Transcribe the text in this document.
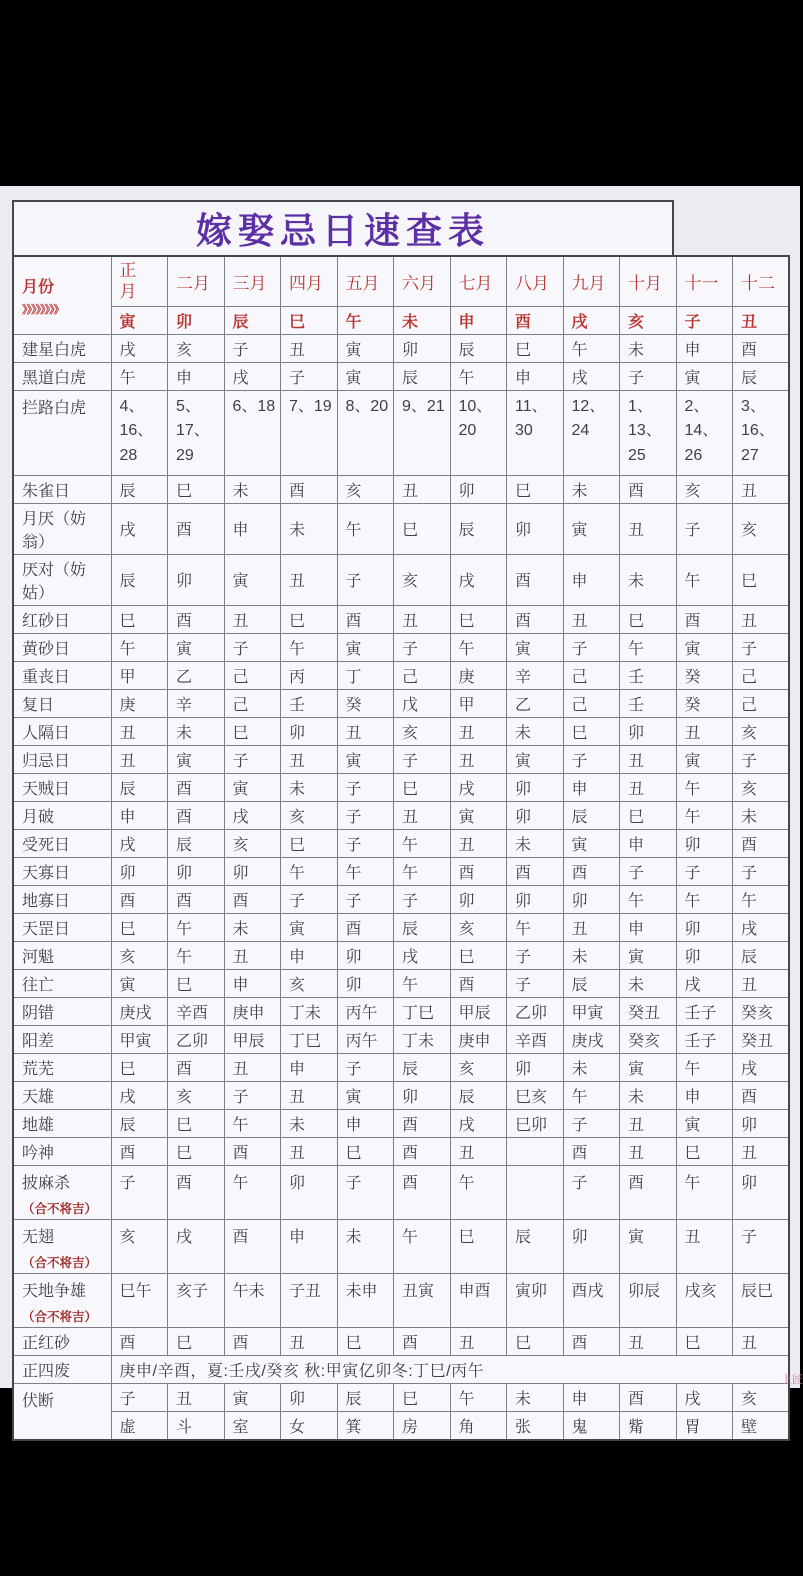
嫁娶忌日速查表
月份
》》》》》》》》	正月	二月	三月	四月	五月	六月	七月	八月	九月	十月	十一	十二
	寅	卯	辰	巳	午	未	申	酉	戌	亥	子	丑

建星白虎	戌	亥	子	丑	寅	卯	辰	巳	午	未	申	酉

黑道白虎	午	申	戌	子	寅	辰	午	申	戌	子	寅	辰

拦路白虎	4、16、28	5、17、29	6、18	7、19	8、20	9、21	10、20	11、30	12、24	1、13、25	2、14、26	3、16、27

朱雀日	辰	巳	未	酉	亥	丑	卯	巳	未	酉	亥	丑

月厌（妨翁）	戌	酉	申	未	午	巳	辰	卯	寅	丑	子	亥

厌对（妨姑）	辰	卯	寅	丑	子	亥	戌	酉	申	未	午	巳

红砂日	巳	酉	丑	巳	酉	丑	巳	酉	丑	巳	酉	丑

黄砂日	午	寅	子	午	寅	子	午	寅	子	午	寅	子

重丧日	甲	乙	己	丙	丁	己	庚	辛	己	壬	癸	己

复日	庚	辛	己	壬	癸	戊	甲	乙	己	壬	癸	己

人隔日	丑	未	巳	卯	丑	亥	丑	未	巳	卯	丑	亥

归忌日	丑	寅	子	丑	寅	子	丑	寅	子	丑	寅	子

天贼日	辰	酉	寅	未	子	巳	戌	卯	申	丑	午	亥

月破	申	酉	戌	亥	子	丑	寅	卯	辰	巳	午	未

受死日	戌	辰	亥	巳	子	午	丑	未	寅	申	卯	酉

天寡日	卯	卯	卯	午	午	午	酉	酉	酉	子	子	子

地寡日	酉	酉	酉	子	子	子	卯	卯	卯	午	午	午

天罡日	巳	午	未	寅	酉	辰	亥	午	丑	申	卯	戌

河魁	亥	午	丑	申	卯	戌	巳	子	未	寅	卯	辰

往亡	寅	巳	申	亥	卯	午	酉	子	辰	未	戌	丑

阴错	庚戌	辛酉	庚申	丁未	丙午	丁巳	甲辰	乙卯	甲寅	癸丑	壬子	癸亥

阳差	甲寅	乙卯	甲辰	丁巳	丙午	丁未	庚申	辛酉	庚戌	癸亥	壬子	癸丑

荒芜	巳	酉	丑	申	子	辰	亥	卯	未	寅	午	戌

天雄	戌	亥	子	丑	寅	卯	辰	巳亥	午	未	申	酉

地雄	辰	巳	午	未	申	酉	戌	巳卯	子	丑	寅	卯

吟神	酉	巳	酉	丑	巳	酉	丑		酉	丑	巳	丑

披麻杀
（合不将吉）	子	酉	午	卯	子	酉	午		子	酉	午	卯

无翅
（合不将吉）	亥	戌	酉	申	未	午	巳	辰	卯	寅	丑	子

天地争雄
（合不将吉）	巳午	亥子	午未	子丑	未申	丑寅	申酉	寅卯	酉戌	卯辰	戌亥	辰巳

正红砂	酉	巳	酉	丑	巳	酉	丑	巳	酉	丑	巳	丑
正四废	庚申/辛酉，夏:壬戌/癸亥 秋:甲寅亿卯冬:丁巳/丙午											
伏断	子	丑	寅	卯	辰	巳	午	未	申	酉	戌	亥
	虚	斗	室	女	箕	房	角	张	鬼	觜	胃	壁
上匠
